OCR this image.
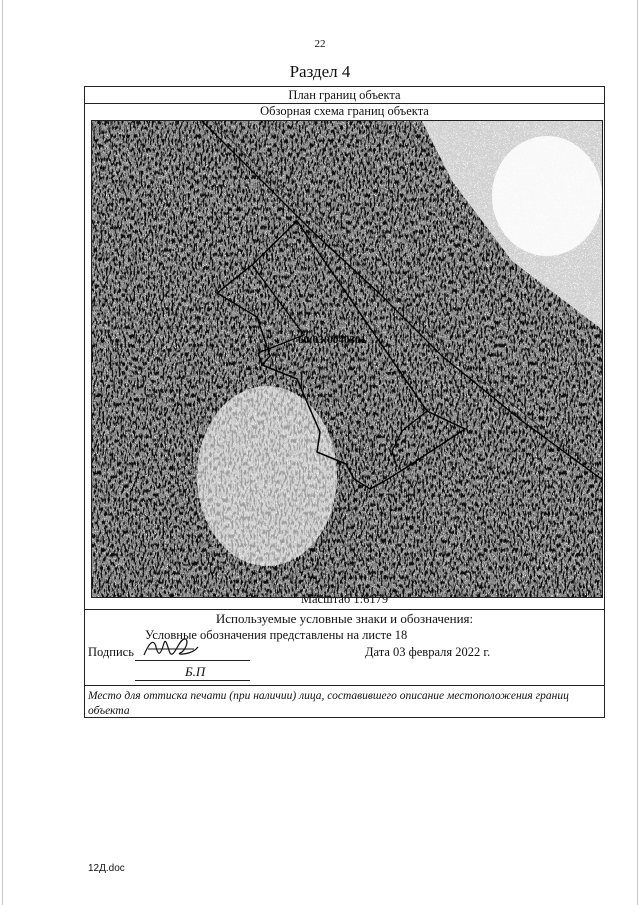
22
Раздел 4
План границ объекта
Обзорная схема границ объекта
60:03:0040301
Масштаб 1:6179
Используемые условные знаки и обозначения:
Условные обозначения представлены на листе 18
Подпись	Дата 03 февраля 2022 г.
Б.П
Место для оттиска печати (при наличии) лица, составившего описание местоположения границ объекта
12Д.doc
